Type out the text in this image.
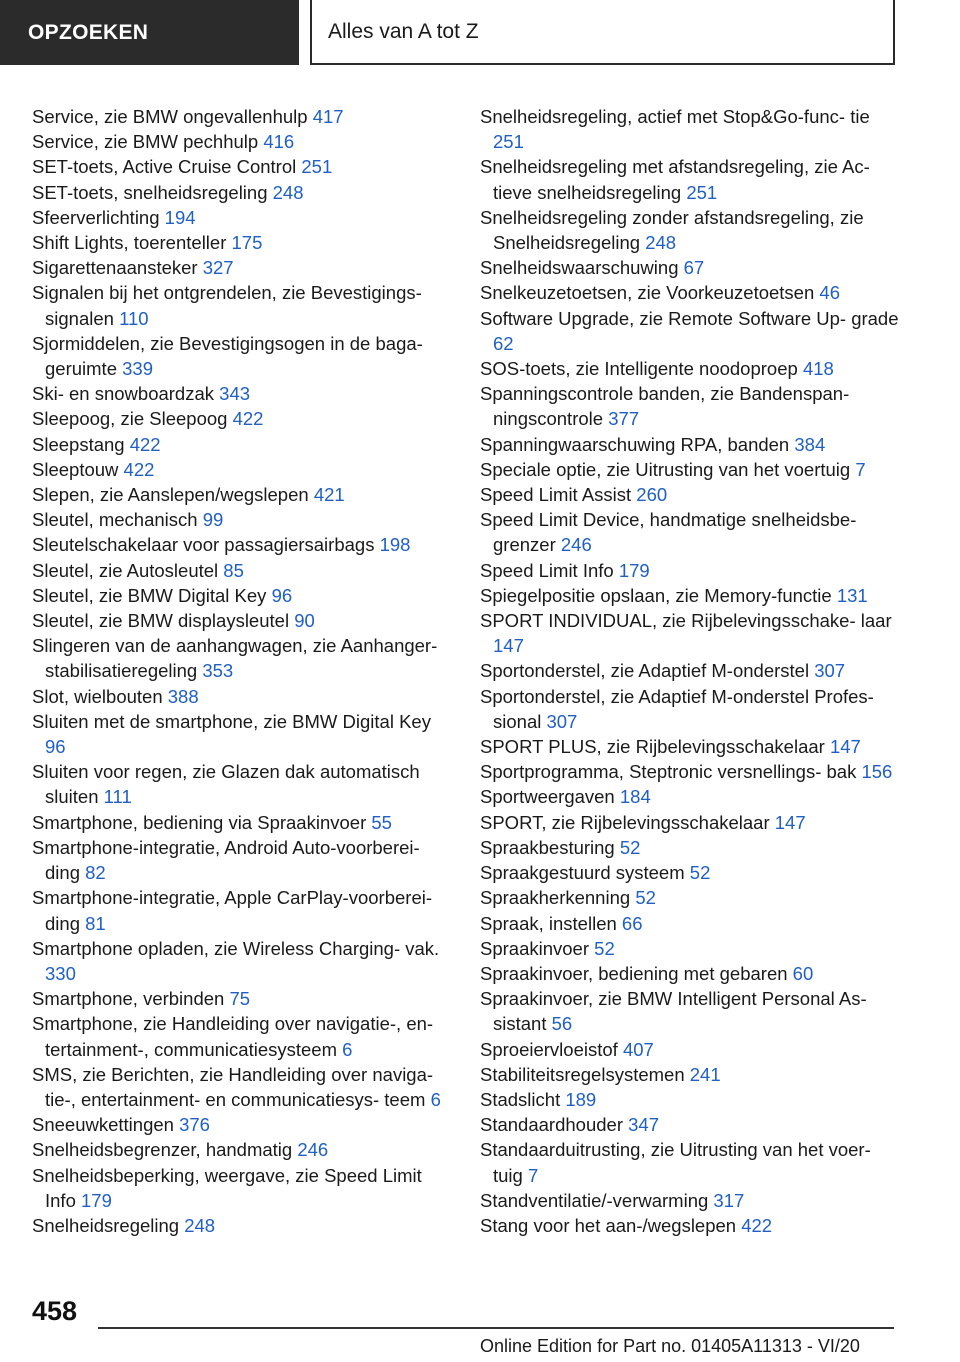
OPZOEKEN	Alles van A tot Z
Service, zie BMW ongevallenhulp 417
Service, zie BMW pechhulp 416
SET-toets, Active Cruise Control 251
SET-toets, snelheidsregeling 248
Sfeerverlichting 194
Shift Lights, toerenteller 175
Sigarettenaansteker 327
Signalen bij het ontgrendelen, zie Bevestigings- signalen 110
Sjormiddelen, zie Bevestigingsogen in de baga- geruimte 339
Ski- en snowboardzak 343
Sleepoog, zie Sleepoog 422
Sleepstang 422
Sleeptouw 422
Slepen, zie Aanslepen/wegslepen 421
Sleutel, mechanisch 99
Sleutelschakelaar voor passagiersairbags 198
Sleutel, zie Autosleutel 85
Sleutel, zie BMW Digital Key 96
Sleutel, zie BMW displaysleutel 90
Slingeren van de aanhangwagen, zie Aanhanger- stabilisatieregeling 353
Slot, wielbouten 388
Sluiten met de smartphone, zie BMW Digital Key 96
Sluiten voor regen, zie Glazen dak automatisch sluiten 111
Smartphone, bediening via Spraakinvoer 55
Smartphone-integratie, Android Auto-voorberei- ding 82
Smartphone-integratie, Apple CarPlay-voorberei- ding 81
Smartphone opladen, zie Wireless Charging- vak. 330
Smartphone, verbinden 75
Smartphone, zie Handleiding over navigatie-, en- tertainment-, communicatiesysteem 6
SMS, zie Berichten, zie Handleiding over naviga- tie-, entertainment- en communicatiesys- teem 6
Sneeuwkettingen 376
Snelheidsbegrenzer, handmatig 246
Snelheidsbeperking, weergave, zie Speed Limit Info 179
Snelheidsregeling 248
Snelheidsregeling, actief met Stop&Go-func- tie 251
Snelheidsregeling met afstandsregeling, zie Ac- tieve snelheidsregeling 251
Snelheidsregeling zonder afstandsregeling, zie Snelheidsregeling 248
Snelheidswaarschuwing 67
Snelkeuzetoetsen, zie Voorkeuzetoetsen 46
Software Upgrade, zie Remote Software Up- grade 62
SOS-toets, zie Intelligente noodoproep 418
Spanningscontrole banden, zie Bandenspan- ningscontrole 377
Spanningwaarschuwing RPA, banden 384
Speciale optie, zie Uitrusting van het voertuig 7
Speed Limit Assist 260
Speed Limit Device, handmatige snelheidsbe- grenzer 246
Speed Limit Info 179
Spiegelpositie opslaan, zie Memory-functie 131
SPORT INDIVIDUAL, zie Rijbelevingsschake- laar 147
Sportonderstel, zie Adaptief M-onderstel 307
Sportonderstel, zie Adaptief M-onderstel Profes- sional 307
SPORT PLUS, zie Rijbelevingsschakelaar 147
Sportprogramma, Steptronic versnellings- bak 156
Sportweergaven 184
SPORT, zie Rijbelevingsschakelaar 147
Spraakbesturing 52
Spraakgestuurd systeem 52
Spraakherkenning 52
Spraak, instellen 66
Spraakinvoer 52
Spraakinvoer, bediening met gebaren 60
Spraakinvoer, zie BMW Intelligent Personal As- sistant 56
Sproeiervloeistof 407
Stabiliteitsregelsystemen 241
Stadslicht 189
Standaardhouder 347
Standaarduitrusting, zie Uitrusting van het voer- tuig 7
Standventilatie/-verwarming 317
Stang voor het aan-/wegslepen 422
458
Online Edition for Part no. 01405A11313 - VI/20
